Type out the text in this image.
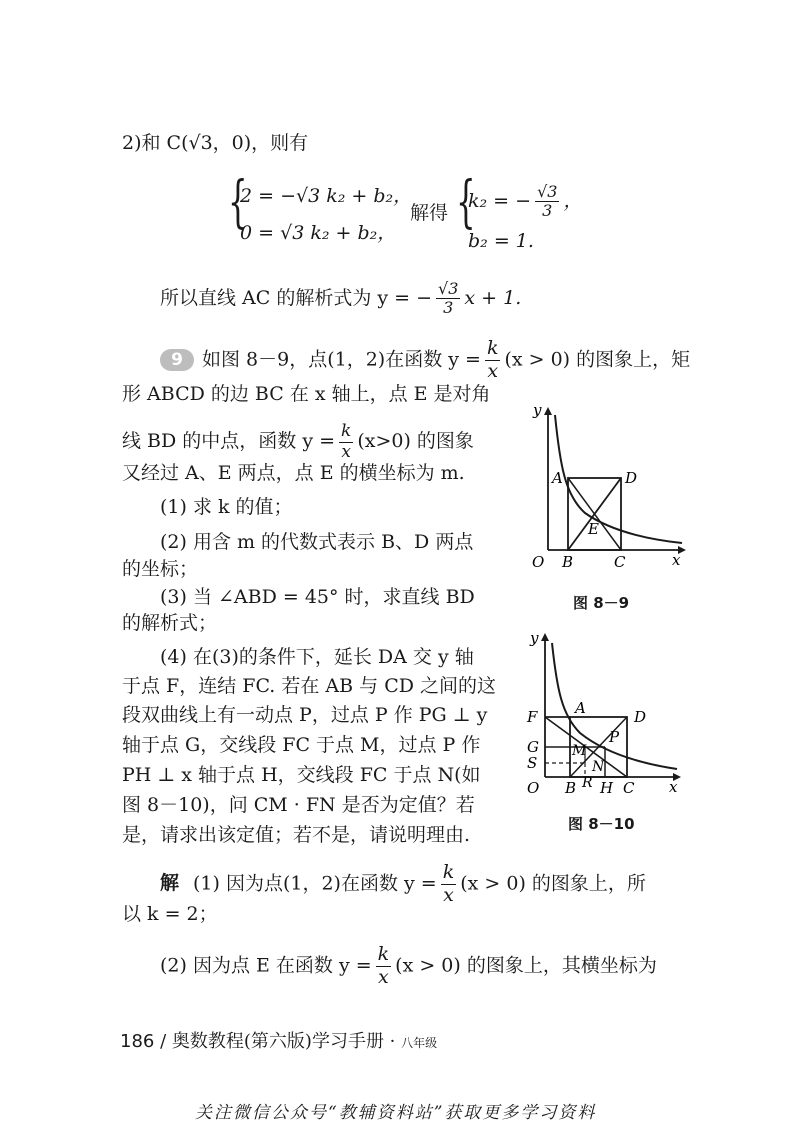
2)和 C(√3，0)，则有
{
2 = −√3 k₂ + b₂，
0 = √3 k₂ + b₂，
解得 {
k₂ = − $\frac{√3}{3}$ ，
b₂ = 1.
所以直线 AC 的解析式为 y = − $\frac{√3}{3}$ x + 1.
9 如图 8－9，点(1，2)在函数 $y = \frac{k}{x} (x > 0)$ 的图象上，矩
形 ABCD 的边 BC 在 x 轴上，点 E 是对角
线 BD 的中点，函数 $y = \frac{k}{x} (x>0)$ 的图象
又经过 A、E 两点，点 E 的横坐标为 m.
(1) 求 k 的值；
(2) 用含 m 的代数式表示 B、D 两点
的坐标；
(3) 当 ∠ABD = 45° 时，求直线 BD
的解析式；
(4) 在(3)的条件下，延长 DA 交 y 轴
于点 F，连结 FC. 若在 AB 与 CD 之间的这
段双曲线上有一动点 P，过点 P 作 PG ⊥ y
轴于点 G，交线段 FC 于点 M，过点 P 作
PH ⊥ x 轴于点 H，交线段 FC 于点 N(如
图 8－10)，问 CM · FN 是否为定值？若
是，请求出该定值；若不是，请说明理由.
y
x
O
A	D
B	C
E
图 8－9
y
x
O
F	A	D
G
S
M
P
N
B R H C
图 8－10
解 (1) 因为点(1，2)在函数 $y = \frac{k}{x} (x > 0)$ 的图象上，所
以 k = 2；
(2) 因为点 E 在函数 $y = \frac{k}{x} (x > 0)$ 的图象上，其横坐标为
186 / 奥数教程(第六版)学习手册 · 八年级
关注微信公众号“教辅资料站”获取更多学习资料
